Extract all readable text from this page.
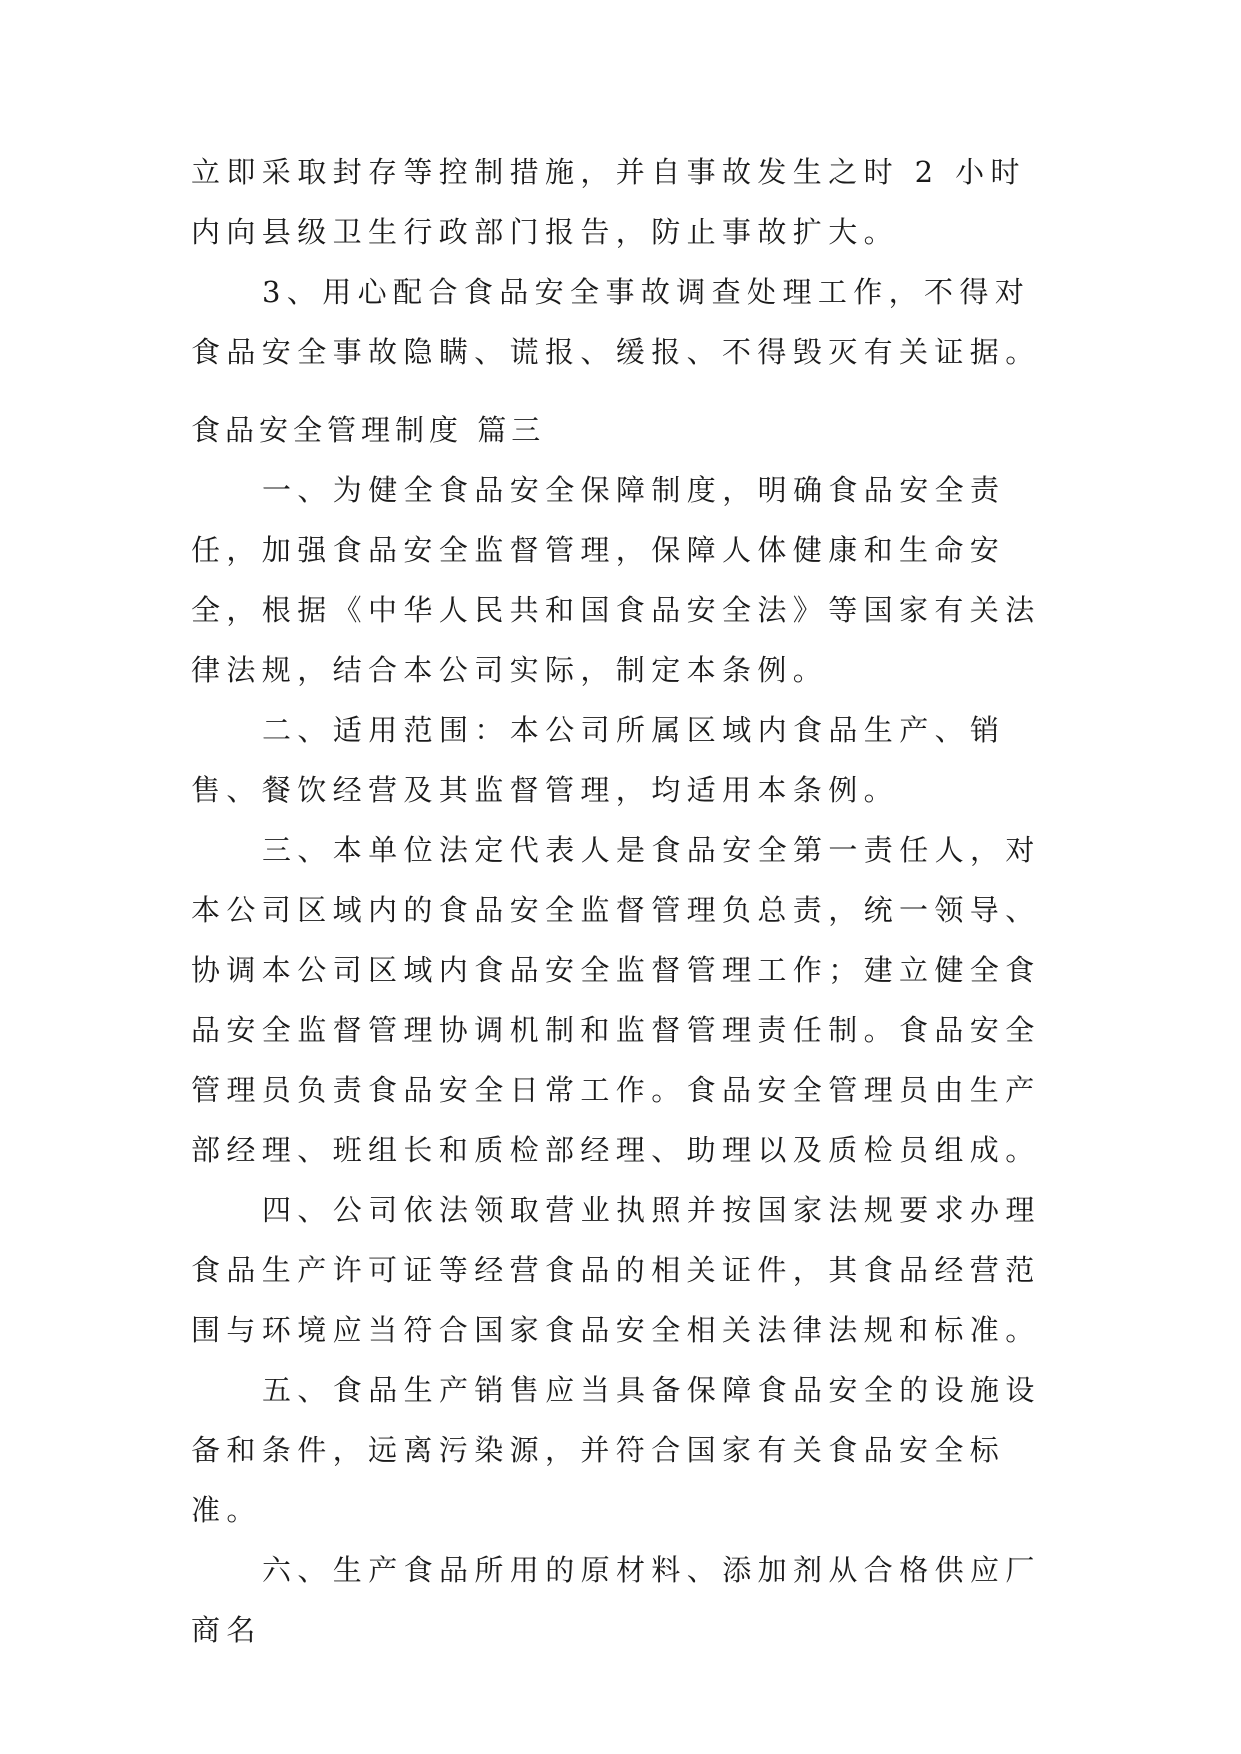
立即采取封存等控制措施，并自事故发生之时 2 小时内向县级卫生行政部门报告，防止事故扩大。

3、用心配合食品安全事故调查处理工作，不得对食品安全事故隐瞒、谎报、缓报、不得毁灭有关证据。

食品安全管理制度 篇三

一、为健全食品安全保障制度，明确食品安全责任，加强食品安全监督管理，保障人体健康和生命安全，根据《中华人民共和国食品安全法》等国家有关法律法规，结合本公司实际，制定本条例。

二、适用范围：本公司所属区域内食品生产、销售、餐饮经营及其监督管理，均适用本条例。

三、本单位法定代表人是食品安全第一责任人，对本公司区域内的食品安全监督管理负总责，统一领导、协调本公司区域内食品安全监督管理工作；建立健全食品安全监督管理协调机制和监督管理责任制。食品安全管理员负责食品安全日常工作。食品安全管理员由生产部经理、班组长和质检部经理、助理以及质检员组成。

四、公司依法领取营业执照并按国家法规要求办理食品生产许可证等经营食品的相关证件，其食品经营范围与环境应当符合国家食品安全相关法律法规和标准。

五、食品生产销售应当具备保障食品安全的设施设备和条件，远离污染源，并符合国家有关食品安全标准。

六、生产食品所用的原材料、添加剂从合格供应厂商名
